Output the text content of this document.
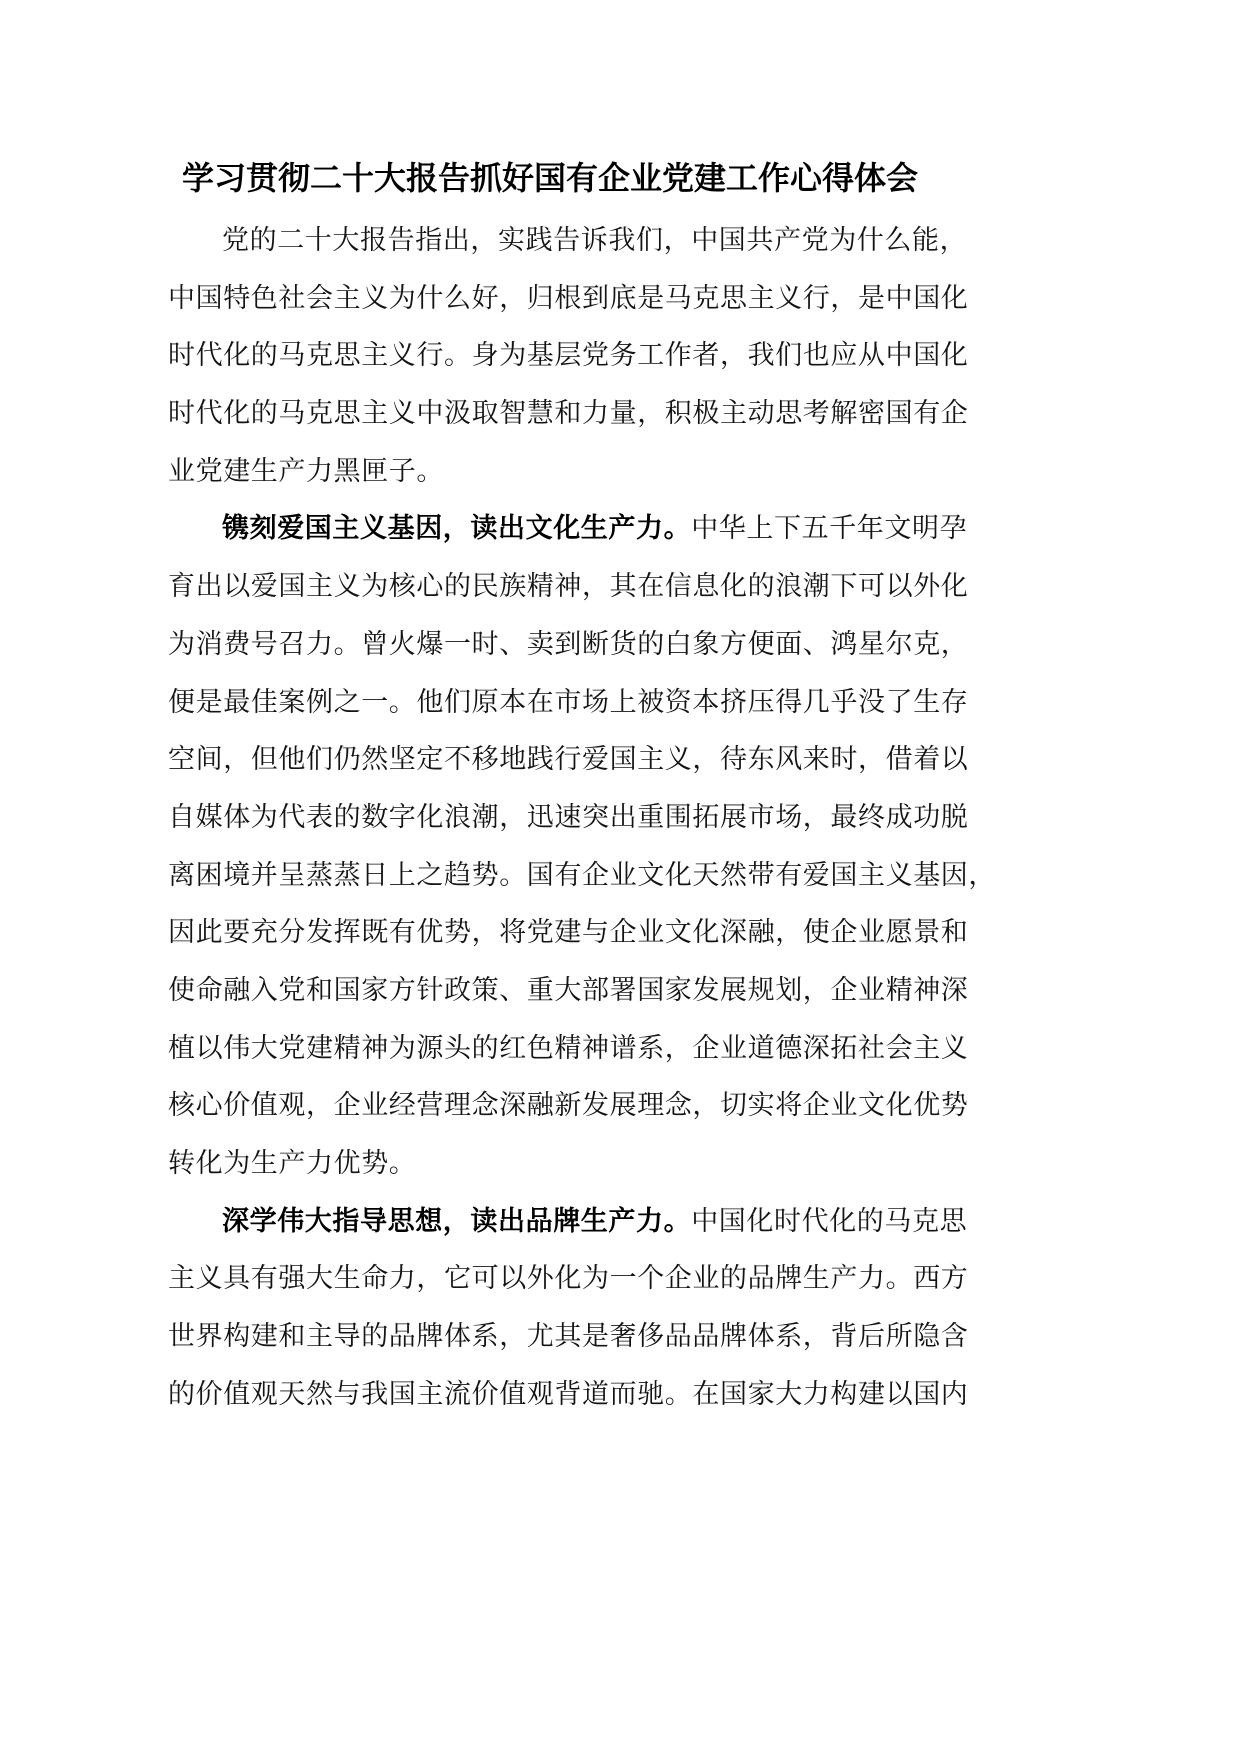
学习贯彻二十大报告抓好国有企业党建工作心得体会
党的二十大报告指出，实践告诉我们，中国共产党为什么能，
中国特色社会主义为什么好，归根到底是马克思主义行，是中国化
时代化的马克思主义行。身为基层党务工作者，我们也应从中国化
时代化的马克思主义中汲取智慧和力量，积极主动思考解密国有企
业党建生产力黑匣子。
镌刻爱国主义基因，读出文化生产力。中华上下五千年文明孕
育出以爱国主义为核心的民族精神，其在信息化的浪潮下可以外化
为消费号召力。曾火爆一时、卖到断货的白象方便面、鸿星尔克，
便是最佳案例之一。他们原本在市场上被资本挤压得几乎没了生存
空间，但他们仍然坚定不移地践行爱国主义，待东风来时，借着以
自媒体为代表的数字化浪潮，迅速突出重围拓展市场，最终成功脱
离困境并呈蒸蒸日上之趋势。国有企业文化天然带有爱国主义基因，
因此要充分发挥既有优势，将党建与企业文化深融，使企业愿景和
使命融入党和国家方针政策、重大部署国家发展规划，企业精神深
植以伟大党建精神为源头的红色精神谱系，企业道德深拓社会主义
核心价值观，企业经营理念深融新发展理念，切实将企业文化优势
转化为生产力优势。
深学伟大指导思想，读出品牌生产力。中国化时代化的马克思
主义具有强大生命力，它可以外化为一个企业的品牌生产力。西方
世界构建和主导的品牌体系，尤其是奢侈品品牌体系，背后所隐含
的价值观天然与我国主流价值观背道而驰。在国家大力构建以国内
